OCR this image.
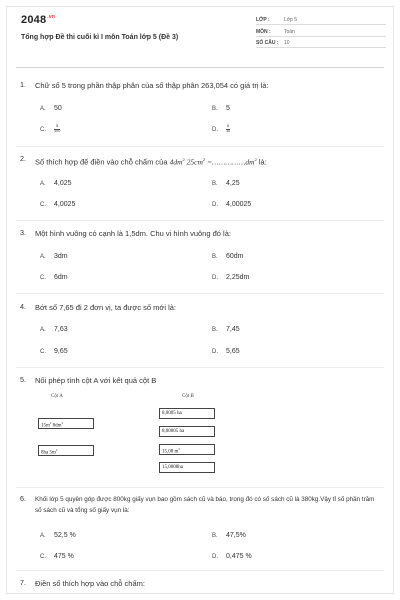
$2048^{.vn}$
Tổng hợp Đề thi cuối kì I môn Toán lớp 5 (Đề 3)
LỚP :	Lớp 5
MÔN :	Toán
SỐ CÂU :	10
1. Chữ số 5 trong phần thập phân của số thập phân 263,054 có giá trị là:
A. 50	B. 5
C. $\frac{5}{100}$	D. $\frac{5}{10}$
2. Số thích hợp để điền vào chỗ chấm của $4dm^2$ $25cm^2$ $=\dots\dots\dots\dots\dots dm^2$ là:
A. 4,025	B. 4,25
C. 4,0025	D. 4,00025
3. Một hình vuông có cạnh là 1,5dm. Chu vi hình vuông đó là:
A. 3dm	B. 60dm
C. 6dm	D. 2,25dm
4. Bớt số 7,65 đi 2 đơn vị, ta được số mới là:
A. 7,63	B. 7,45
C. 9,65	D. 5,65
5. Nối phép tính cột A với kết quả cột B
Cột A	Cột B
$15m^2$ $8dm^2$
8ha $5m^2$
8,0005 ha
8,00005 ha
15,08 $m^2$
15,0008ha
6. Khối lớp 5 quyên góp được 800kg giấy vụn bao gồm sách cũ và báo, trong đó có số sách cũ là 380kg.Vậy tỉ số phần trăm số sách cũ và tổng số giấy vụn là:
A. 52,5 %	B. 47,5%
C. 475 %	D. 0,475 %
7. Điền số thích hợp vào chỗ chấm:
